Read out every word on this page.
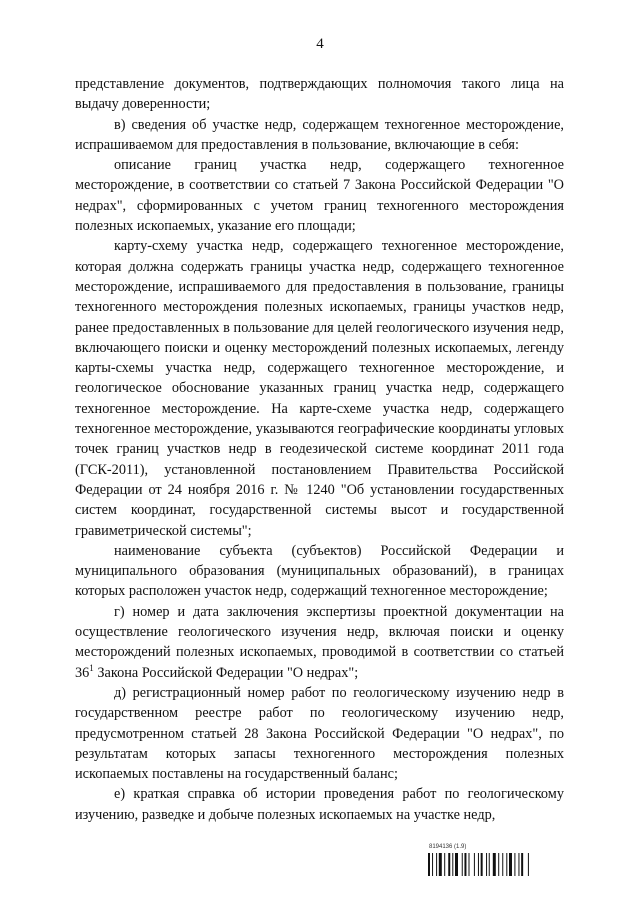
4

представление документов, подтверждающих полномочия такого лица на выдачу доверенности;

в) сведения об участке недр, содержащем техногенное месторождение, испрашиваемом для предоставления в пользование, включающие в себя:

описание границ участка недр, содержащего техногенное месторождение, в соответствии со статьей 7 Закона Российской Федерации "О недрах", сформированных с учетом границ техногенного месторождения полезных ископаемых, указание его площади;

карту-схему участка недр, содержащего техногенное месторождение, которая должна содержать границы участка недр, содержащего техногенное месторождение, испрашиваемого для предоставления в пользование, границы техногенного месторождения полезных ископаемых, границы участков недр, ранее предоставленных в пользование для целей геологического изучения недр, включающего поиски и оценку месторождений полезных ископаемых, легенду карты-схемы участка недр, содержащего техногенное месторождение, и геологическое обоснование указанных границ участка недр, содержащего техногенное месторождение. На карте-схеме участка недр, содержащего техногенное месторождение, указываются географические координаты угловых точек границ участков недр в геодезической системе координат 2011 года (ГСК-2011), установленной постановлением Правительства Российской Федерации от 24 ноября 2016 г. № 1240 "Об установлении государственных систем координат, государственной системы высот и государственной гравиметрической системы";

наименование субъекта (субъектов) Российской Федерации и муниципального образования (муниципальных образований), в границах которых расположен участок недр, содержащий техногенное месторождение;

г) номер и дата заключения экспертизы проектной документации на осуществление геологического изучения недр, включая поиски и оценку месторождений полезных ископаемых, проводимой в соответствии со статьей $36^1$ Закона Российской Федерации "О недрах";

д) регистрационный номер работ по геологическому изучению недр в государственном реестре работ по геологическому изучению недр, предусмотренном статьей 28 Закона Российской Федерации "О недрах", по результатам которых запасы техногенного месторождения полезных ископаемых поставлены на государственный баланс;

е) краткая справка об истории проведения работ по геологическому изучению, разведке и добыче полезных ископаемых на участке недр,

8194136 (1.9)
